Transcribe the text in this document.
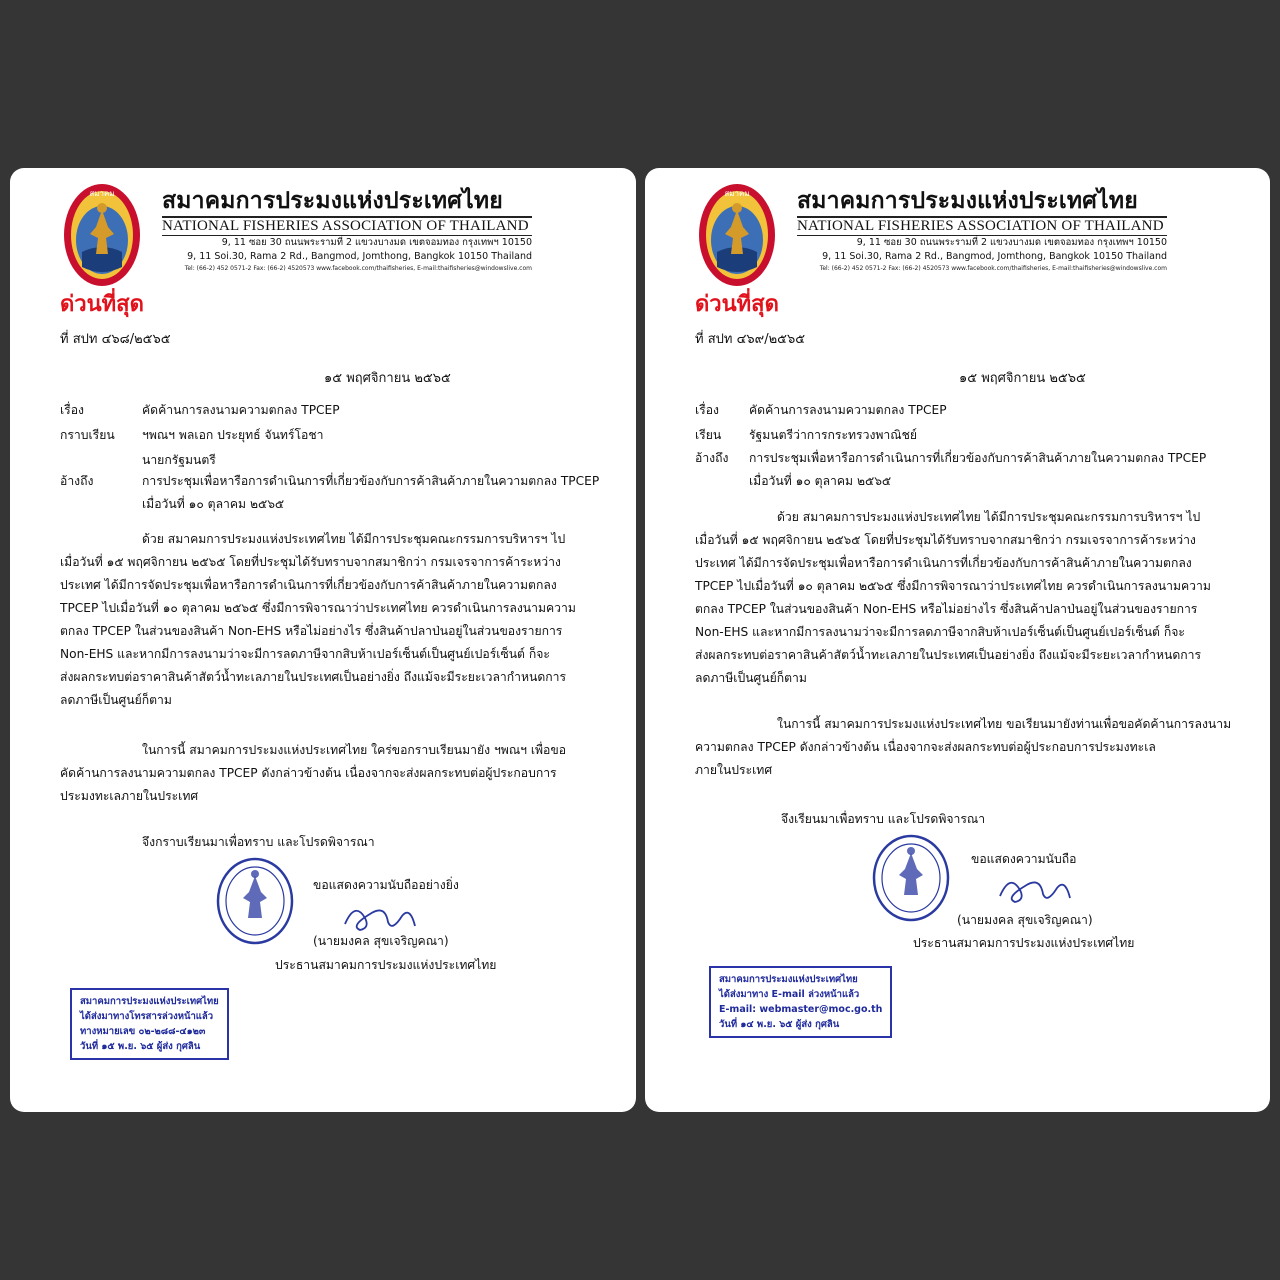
สมาคม สมาคมการประมงแห่งประเทศไทย
NATIONAL FISHERIES ASSOCIATION OF THAILAND
9, 11 ซอย 30 ถนนพระรามที่ 2 แขวงบางมด เขตจอมทอง กรุงเทพฯ 10150
9, 11 Soi.30, Rama 2 Rd., Bangmod, Jomthong, Bangkok 10150 Thailand
Tel: (66-2) 452 0571-2 Fax: (66-2) 4520573 www.facebook.com/thaifisheries, E-mail:thaifisheries@windowslive.com
ด่วนที่สุด
ที่ สปท ๔๖๘/๒๕๖๕
๑๕ พฤศจิกายน ๒๕๖๕
เรื่อง	คัดค้านการลงนามความตกลง TPCEP
กราบเรียน ฯพณฯ พลเอก ประยุทธ์ จันทร์โอชา
นายกรัฐมนตรี
อ้างถึง	การประชุมเพื่อหารือการดำเนินการที่เกี่ยวข้องกับการค้าสินค้าภายในความตกลง TPCEP
เมื่อวันที่ ๑๐ ตุลาคม ๒๕๖๕
ด้วย สมาคมการประมงแห่งประเทศไทย ได้มีการประชุมคณะกรรมการบริหารฯ ไป
เมื่อวันที่ ๑๕ พฤศจิกายน ๒๕๖๕ โดยที่ประชุมได้รับทราบจากสมาชิกว่า กรมเจรจาการค้าระหว่าง
ประเทศ ได้มีการจัดประชุมเพื่อหารือการดำเนินการที่เกี่ยวข้องกับการค้าสินค้าภายในความตกลง
TPCEP ไปเมื่อวันที่ ๑๐ ตุลาคม ๒๕๖๕ ซึ่งมีการพิจารณาว่าประเทศไทย ควรดำเนินการลงนามความ
ตกลง TPCEP ในส่วนของสินค้า Non-EHS หรือไม่อย่างไร ซึ่งสินค้าปลาป่นอยู่ในส่วนของรายการ
Non-EHS และหากมีการลงนามว่าจะมีการลดภาษีจากสิบห้าเปอร์เซ็นต์เป็นศูนย์เปอร์เซ็นต์ ก็จะ
ส่งผลกระทบต่อราคาสินค้าสัตว์น้ำทะเลภายในประเทศเป็นอย่างยิ่ง ถึงแม้จะมีระยะเวลากำหนดการ
ลดภาษีเป็นศูนย์ก็ตาม
ในการนี้ สมาคมการประมงแห่งประเทศไทย ใคร่ขอกราบเรียนมายัง ฯพณฯ เพื่อขอ
คัดค้านการลงนามความตกลง TPCEP ดังกล่าวข้างต้น เนื่องจากจะส่งผลกระทบต่อผู้ประกอบการ
ประมงทะเลภายในประเทศ
จึงกราบเรียนมาเพื่อทราบ และโปรดพิจารณา
ขอแสดงความนับถืออย่างยิ่ง
(นายมงคล สุขเจริญคณา)
ประธานสมาคมการประมงแห่งประเทศไทย
สมาคมการประมงแห่งประเทศไทย
ได้ส่งมาทางโทรสารล่วงหน้าแล้ว
ทางหมายเลข ๐๒-๒๘๘-๔๑๒๓
วันที่ ๑๕ พ.ย. ๖๕ ผู้ส่ง กุศลิน
สมาคม สมาคมการประมงแห่งประเทศไทย
NATIONAL FISHERIES ASSOCIATION OF THAILAND
9, 11 ซอย 30 ถนนพระรามที่ 2 แขวงบางมด เขตจอมทอง กรุงเทพฯ 10150
9, 11 Soi.30, Rama 2 Rd., Bangmod, Jomthong, Bangkok 10150 Thailand
Tel: (66-2) 452 0571-2 Fax: (66-2) 4520573 www.facebook.com/thaifisheries, E-mail:thaifisheries@windowslive.com
ด่วนที่สุด
ที่ สปท ๔๖๙/๒๕๖๕
๑๕ พฤศจิกายน ๒๕๖๕
เรื่อง คัดค้านการลงนามความตกลง TPCEP
เรียน รัฐมนตรีว่าการกระทรวงพาณิชย์
อ้างถึง การประชุมเพื่อหารือการดำเนินการที่เกี่ยวข้องกับการค้าสินค้าภายในความตกลง TPCEP
เมื่อวันที่ ๑๐ ตุลาคม ๒๕๖๕
ด้วย สมาคมการประมงแห่งประเทศไทย ได้มีการประชุมคณะกรรมการบริหารฯ ไป
เมื่อวันที่ ๑๕ พฤศจิกายน ๒๕๖๕ โดยที่ประชุมได้รับทราบจากสมาชิกว่า กรมเจรจาการค้าระหว่าง
ประเทศ ได้มีการจัดประชุมเพื่อหารือการดำเนินการที่เกี่ยวข้องกับการค้าสินค้าภายในความตกลง
TPCEP ไปเมื่อวันที่ ๑๐ ตุลาคม ๒๕๖๕ ซึ่งมีการพิจารณาว่าประเทศไทย ควรดำเนินการลงนามความ
ตกลง TPCEP ในส่วนของสินค้า Non-EHS หรือไม่อย่างไร ซึ่งสินค้าปลาป่นอยู่ในส่วนของรายการ
Non-EHS และหากมีการลงนามว่าจะมีการลดภาษีจากสิบห้าเปอร์เซ็นต์เป็นศูนย์เปอร์เซ็นต์ ก็จะ
ส่งผลกระทบต่อราคาสินค้าสัตว์น้ำทะเลภายในประเทศเป็นอย่างยิ่ง ถึงแม้จะมีระยะเวลากำหนดการ
ลดภาษีเป็นศูนย์ก็ตาม
ในการนี้ สมาคมการประมงแห่งประเทศไทย ขอเรียนมายังท่านเพื่อขอคัดค้านการลงนาม
ความตกลง TPCEP ดังกล่าวข้างต้น เนื่องจากจะส่งผลกระทบต่อผู้ประกอบการประมงทะเล
ภายในประเทศ
จึงเรียนมาเพื่อทราบ และโปรดพิจารณา
ขอแสดงความนับถือ
(นายมงคล สุขเจริญคณา)
ประธานสมาคมการประมงแห่งประเทศไทย
สมาคมการประมงแห่งประเทศไทย
ได้ส่งมาทาง E-mail ล่วงหน้าแล้ว
E-mail: webmaster@moc.go.th
วันที่ ๑๔ พ.ย. ๖๕ ผู้ส่ง กุศลิน
